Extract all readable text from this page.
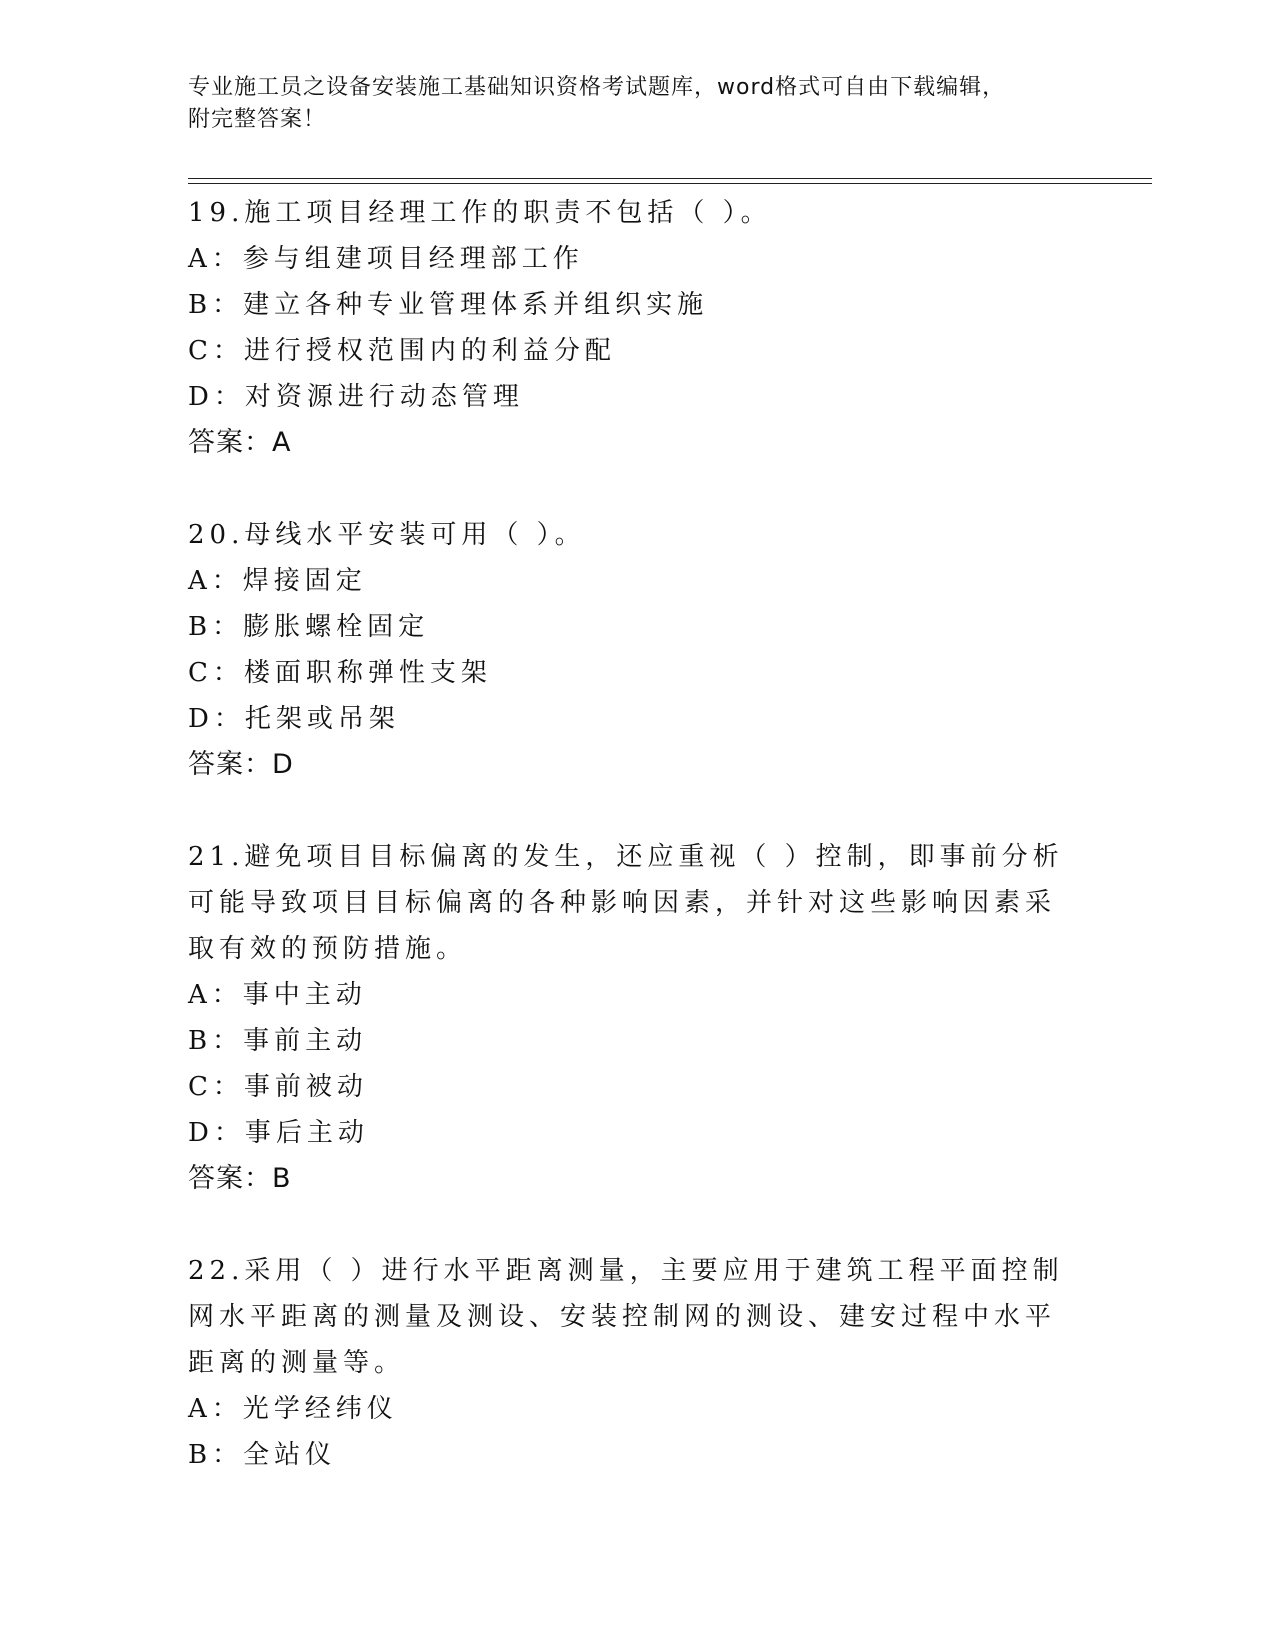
专业施工员之设备安装施工基础知识资格考试题库，word格式可自由下载编辑，
附完整答案！
19.施工项目经理工作的职责不包括（ ）。
A：参与组建项目经理部工作
B：建立各种专业管理体系并组织实施
C：进行授权范围内的利益分配
D：对资源进行动态管理
答案：A
20.母线水平安装可用（ ）。
A：焊接固定
B：膨胀螺栓固定
C：楼面职称弹性支架
D：托架或吊架
答案：D
21.避免项目目标偏离的发生，还应重视（ ）控制，即事前分析可能导致项目目标偏离的各种影响因素，并针对这些影响因素采取有效的预防措施。
A：事中主动
B：事前主动
C：事前被动
D：事后主动
答案：B
22.采用（ ）进行水平距离测量，主要应用于建筑工程平面控制网水平距离的测量及测设、安装控制网的测设、建安过程中水平距离的测量等。
A：光学经纬仪
B：全站仪
